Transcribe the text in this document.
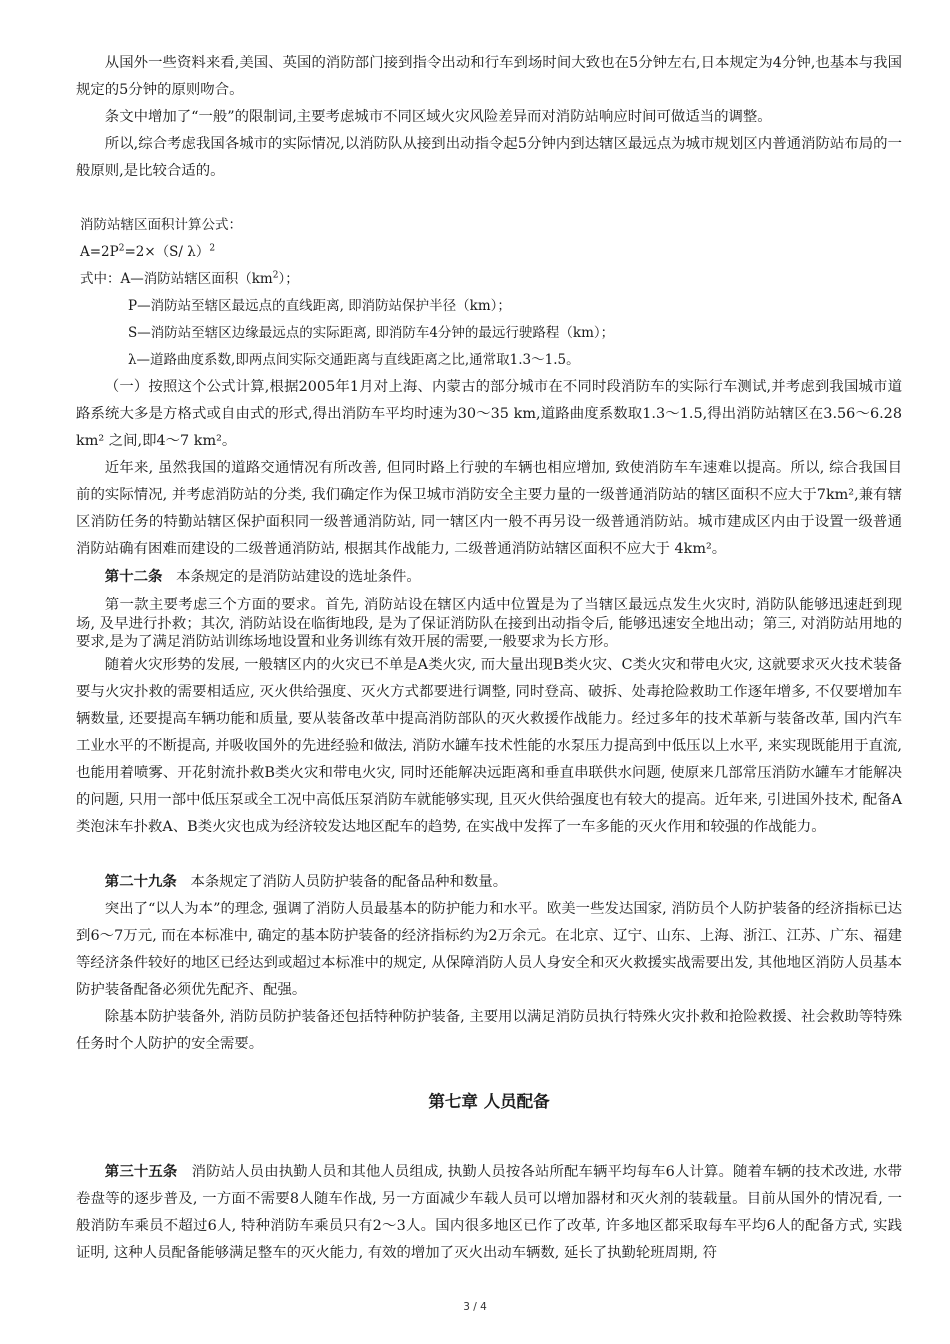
从国外一些资料来看,美国、英国的消防部门接到指令出动和行车到场时间大致也在5分钟左右,日本规定为4分钟,也基本与我国规定的5分钟的原则吻合。

条文中增加了“一般”的限制词,主要考虑城市不同区域火灾风险差异而对消防站响应时间可做适当的调整。

所以,综合考虑我国各城市的实际情况,以消防队从接到出动指令起5分钟内到达辖区最远点为城市规划区内普通消防站布局的一般原则,是比较合适的。

消防站辖区面积计算公式：

$A=2P^2=2\times(S/$ λ）$^2$

式中：A—消防站辖区面积$(km^2)$；

P—消防站至辖区最远点的直线距离, 即消防站保护半径（km）；

S—消防站至辖区边缘最远点的实际距离, 即消防车4分钟的最远行驶路程（km）；

λ—道路曲度系数,即两点间实际交通距离与直线距离之比,通常取1.3～1.5。

（一）按照这个公式计算,根据2005年1月对上海、内蒙古的部分城市在不同时段消防车的实际行车测试,并考虑到我国城市道路系统大多是方格式或自由式的形式,得出消防车平均时速为30～35 km,道路曲度系数取1.3～1.5,得出消防站辖区在3.56～6.28 km² 之间,即4～7 km²。

近年来, 虽然我国的道路交通情况有所改善, 但同时路上行驶的车辆也相应增加, 致使消防车车速难以提高。所以, 综合我国目前的实际情况, 并考虑消防站的分类, 我们确定作为保卫城市消防安全主要力量的一级普通消防站的辖区面积不应大于7km²,兼有辖区消防任务的特勤站辖区保护面积同一级普通消防站, 同一辖区内一般不再另设一级普通消防站。城市建成区内由于设置一级普通消防站确有困难而建设的二级普通消防站, 根据其作战能力, 二级普通消防站辖区面积不应大于 4km²。

第十二条 本条规定的是消防站建设的选址条件。

第一款主要考虑三个方面的要求。首先, 消防站设在辖区内适中位置是为了当辖区最远点发生火灾时, 消防队能够迅速赶到现场, 及早进行扑救；其次, 消防站设在临街地段, 是为了保证消防队在接到出动指令后, 能够迅速安全地出动；第三, 对消防站用地的要求,是为了满足消防站训练场地设置和业务训练有效开展的需要,一般要求为长方形。

随着火灾形势的发展, 一般辖区内的火灾已不单是A类火灾, 而大量出现B类火灾、C类火灾和带电火灾, 这就要求灭火技术装备要与火灾扑救的需要相适应, 灭火供给强度、灭火方式都要进行调整, 同时登高、破拆、处毒抢险救助工作逐年增多, 不仅要增加车辆数量, 还要提高车辆功能和质量, 要从装备改革中提高消防部队的灭火救援作战能力。经过多年的技术革新与装备改革, 国内汽车工业水平的不断提高, 并吸收国外的先进经验和做法, 消防水罐车技术性能的水泵压力提高到中低压以上水平, 来实现既能用于直流, 也能用着喷雾、开花射流扑救B类火灾和带电火灾, 同时还能解决远距离和垂直串联供水问题, 使原来几部常压消防水罐车才能解决的问题, 只用一部中低压泵或全工况中高低压泵消防车就能够实现, 且灭火供给强度也有较大的提高。近年来, 引进国外技术, 配备A类泡沫车扑救A、B类火灾也成为经济较发达地区配车的趋势, 在实战中发挥了一车多能的灭火作用和较强的作战能力。

第二十九条 本条规定了消防人员防护装备的配备品种和数量。

突出了“以人为本”的理念, 强调了消防人员最基本的防护能力和水平。欧美一些发达国家, 消防员个人防护装备的经济指标已达到6～7万元, 而在本标准中, 确定的基本防护装备的经济指标约为2万余元。在北京、辽宁、山东、上海、浙江、江苏、广东、福建等经济条件较好的地区已经达到或超过本标准中的规定, 从保障消防人员人身安全和灭火救援实战需要出发, 其他地区消防人员基本防护装备配备必须优先配齐、配强。

除基本防护装备外, 消防员防护装备还包括特种防护装备, 主要用以满足消防员执行特殊火灾扑救和抢险救援、社会救助等特殊任务时个人防护的安全需要。

第七章 人员配备

第三十五条 消防站人员由执勤人员和其他人员组成, 执勤人员按各站所配车辆平均每车6人计算。随着车辆的技术改进, 水带卷盘等的逐步普及, 一方面不需要8人随车作战, 另一方面减少车载人员可以增加器材和灭火剂的装载量。目前从国外的情况看, 一般消防车乘员不超过6人, 特种消防车乘员只有2～3人。国内很多地区已作了改革, 许多地区都采取每车平均6人的配备方式, 实践证明, 这种人员配备能够满足整车的灭火能力, 有效的增加了灭火出动车辆数, 延长了执勤轮班周期, 符

3 / 4
